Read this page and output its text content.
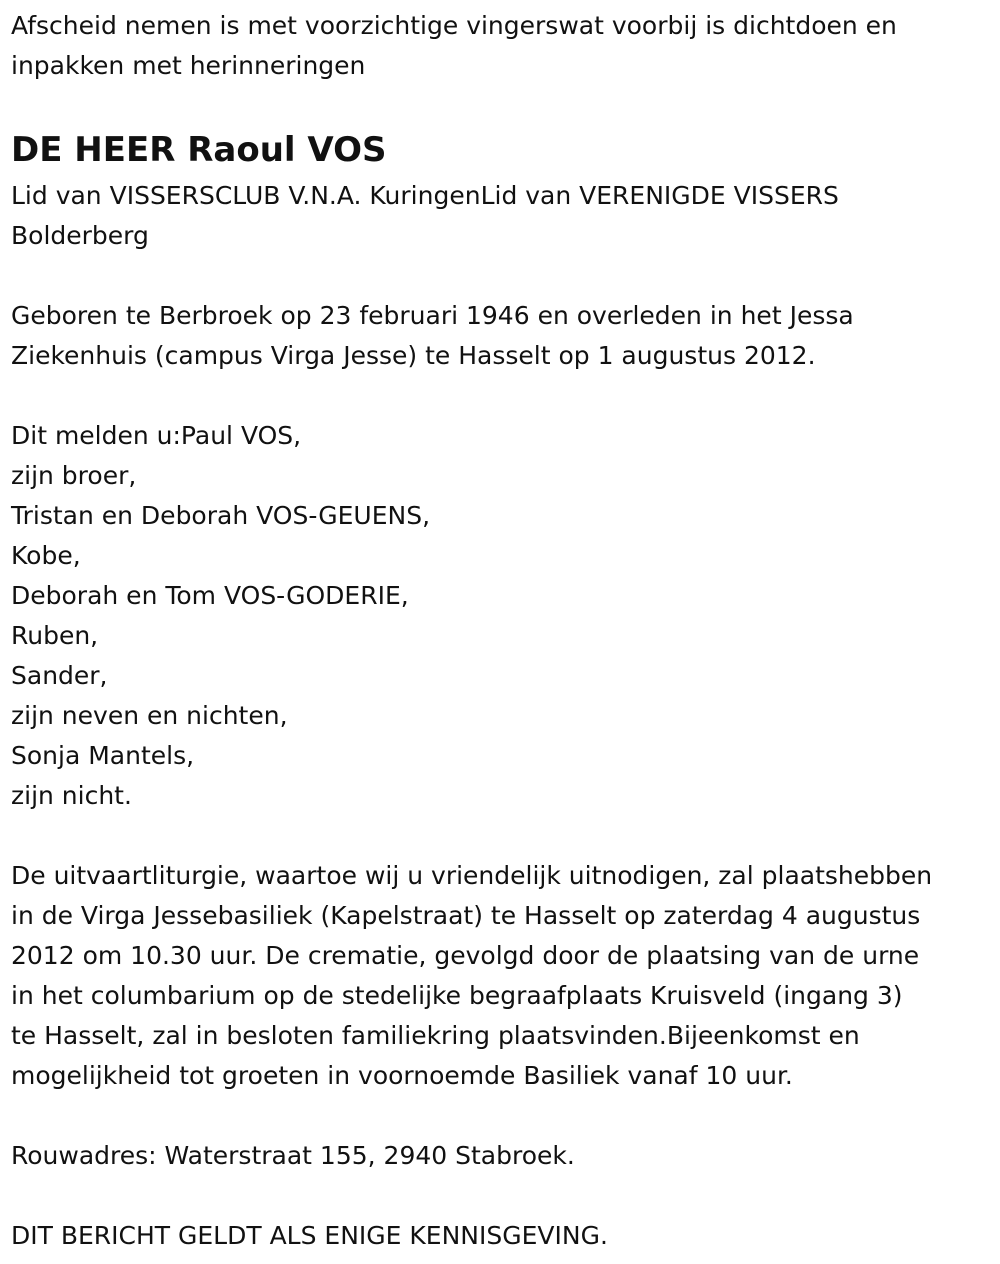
Afscheid nemen is met voorzichtige vingerswat voorbij is dichtdoen en
inpakken met herinneringen
DE HEER Raoul VOS
Lid van VISSERSCLUB V.N.A. KuringenLid van VERENIGDE VISSERS
Bolderberg
Geboren te Berbroek op 23 februari 1946 en overleden in het Jessa
Ziekenhuis (campus Virga Jesse) te Hasselt op 1 augustus 2012.
Dit melden u:Paul VOS,
zijn broer,
Tristan en Deborah VOS-GEUENS,
Kobe,
Deborah en Tom VOS-GODERIE,
Ruben,
Sander,
zijn neven en nichten,
Sonja Mantels,
zijn nicht.
De uitvaartliturgie, waartoe wij u vriendelijk uitnodigen, zal plaatshebben
in de Virga Jessebasiliek (Kapelstraat) te Hasselt op zaterdag 4 augustus
2012 om 10.30 uur. De crematie, gevolgd door de plaatsing van de urne
in het columbarium op de stedelijke begraafplaats Kruisveld (ingang 3)
te Hasselt, zal in besloten familiekring plaatsvinden.Bijeenkomst en
mogelijkheid tot groeten in voornoemde Basiliek vanaf 10 uur.
Rouwadres: Waterstraat 155, 2940 Stabroek.
DIT BERICHT GELDT ALS ENIGE KENNISGEVING.
